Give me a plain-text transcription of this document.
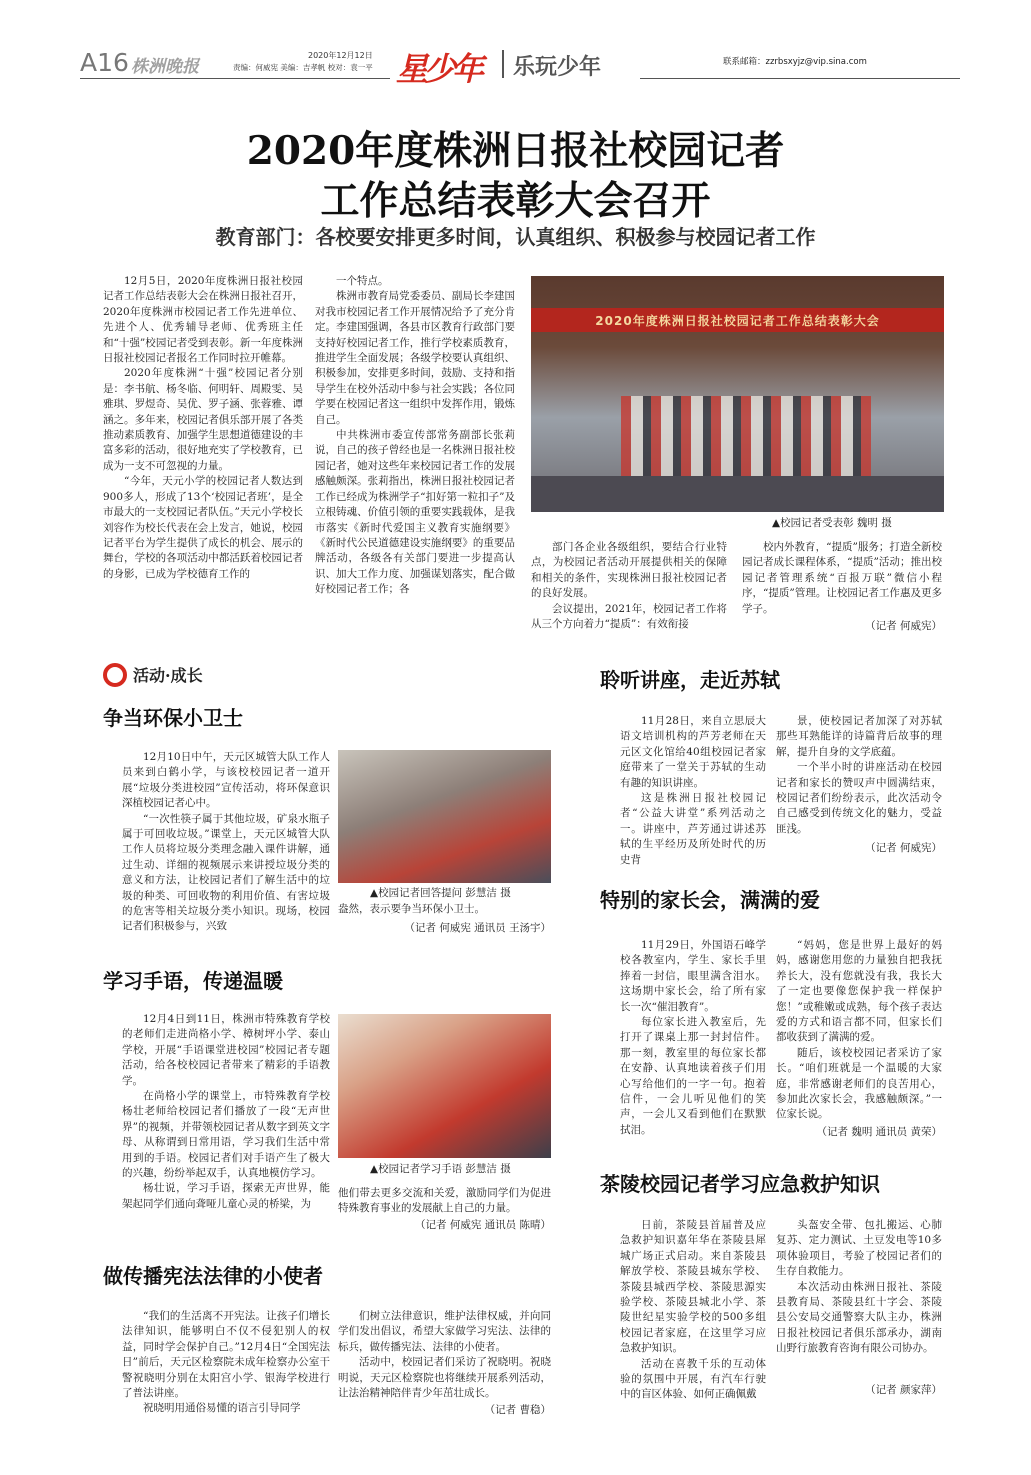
A16 株洲晚报
2020年12月12日
责编：何威宪 美编：吉孝帆 校对：袁一平 星少年 乐玩少年	联系邮箱：zzrbsxyjz@vip.sina.com
2020年度株洲日报社校园记者
工作总结表彰大会召开
教育部门：各校要安排更多时间，认真组织、积极参与校园记者工作

12月5日，2020年度株洲日报社校园记者工作总结表彰大会在株洲日报社召开，2020年度株洲市校园记者工作先进单位、先进个人、优秀辅导老师、优秀班主任和“十强”校园记者受到表彰。新一年度株洲日报社校园记者报名工作同时拉开帷幕。

2020年度株洲“十强”校园记者分别是：李书航、杨冬临、何明轩、周殿雯、吴雅琪、罗煜奇、吴优、罗子涵、张蓉雅、谭涵之。多年来，校园记者俱乐部开展了各类推动素质教育、加强学生思想道德建设的丰富多彩的活动，很好地充实了学校教育，已成为一支不可忽视的力量。

“今年，天元小学的校园记者人数达到900多人，形成了13个‘校园记者班’，是全市最大的一支校园记者队伍。”天元小学校长刘容作为校长代表在会上发言，她说，校园记者平台为学生提供了成长的机会、展示的舞台，学校的各项活动中都活跃着校园记者的身影，已成为学校德育工作的

一个特点。

株洲市教育局党委委员、副局长李建国对我市校园记者工作开展情况给予了充分肯定。李建国强调，各县市区教育行政部门要支持好校园记者工作，推行学校素质教育，推进学生全面发展；各级学校要认真组织、积极参加，安排更多时间，鼓励、支持和指导学生在校外活动中参与社会实践；各位同学要在校园记者这一组织中发挥作用，锻炼自己。

中共株洲市委宣传部常务副部长张莉说，自己的孩子曾经也是一名株洲日报社校园记者，她对这些年来校园记者工作的发展感触颇深。张莉指出，株洲日报社校园记者工作已经成为株洲学子“扣好第一粒扣子”及立根铸魂、价值引领的重要实践载体，是我市落实《新时代爱国主义教育实施纲要》《新时代公民道德建设实施纲要》的重要品牌活动，各级各有关部门要进一步提高认识、加大工作力度、加强谋划落实，配合做好校园记者工作；各

2020年度株洲日报社校园记者工作总结表彰大会
▲校园记者受表彰 魏明 摄

部门各企业各级组织，要结合行业特点，为校园记者活动开展提供相关的保障和相关的条件，实现株洲日报社校园记者的良好发展。

会议提出，2021年，校园记者工作将从三个方向着力“提质”：有效衔接

校内外教育，“提质”服务；打造全新校园记者成长课程体系，“提质”活动；推出校园记者管理系统“百报万联”微信小程序，“提质”管理。让校园记者工作惠及更多学子。

（记者 何威宪）
活动·成长
争当环保小卫士

12月10日中午，天元区城管大队工作人员来到白鹤小学，与该校校园记者一道开展“垃圾分类进校园”宣传活动，将环保意识深植校园记者心中。

“一次性筷子属于其他垃圾，矿泉水瓶子属于可回收垃圾。”课堂上，天元区城管大队工作人员将垃圾分类理念融入课件讲解，通过生动、详细的视频展示来讲授垃圾分类的意义和方法，让校园记者们了解生活中的垃圾的种类、可回收物的利用价值、有害垃圾的危害等相关垃圾分类小知识。现场，校园记者们积极参与，兴致

▲校园记者回答提问 彭慧洁 摄

盎然，表示要争当环保小卫士。

（记者 何威宪 通讯员 王汤宇）
学习手语，传递温暖

12月4日到11日，株洲市特殊教育学校的老师们走进尚格小学、樟树坪小学、泰山学校，开展“手语课堂进校园”校园记者专题活动，给各校校园记者带来了精彩的手语教学。

在尚格小学的课堂上，市特殊教育学校杨壮老师给校园记者们播放了一段“无声世界”的视频，并带领校园记者从数字到英文字母、从称谓到日常用语，学习我们生活中常用到的手语。校园记者们对手语产生了极大的兴趣，纷纷举起双手，认真地模仿学习。

杨壮说，学习手语，探索无声世界，能架起同学们通向聋哑儿童心灵的桥梁，为

▲校园记者学习手语 彭慧洁 摄

他们带去更多交流和关爱，激励同学们为促进特殊教育事业的发展献上自己的力量。

（记者 何威宪 通讯员 陈晴）
做传播宪法法律的小使者

“我们的生活离不开宪法。让孩子们增长法律知识，能够明白不仅不侵犯别人的权益，同时学会保护自己。”12月4日“全国宪法日”前后，天元区检察院未成年检察办公室干警祝晓明分别在太阳宫小学、银海学校进行了普法讲座。

祝晓明用通俗易懂的语言引导同学

们树立法律意识，维护法律权威，并向同学们发出倡议，希望大家做学习宪法、法律的标兵，做传播宪法、法律的小使者。

活动中，校园记者们采访了祝晓明。祝晓明说，天元区检察院也将继续开展系列活动，让法治精神陪伴青少年茁壮成长。

（记者 曹稳）
聆听讲座，走近苏轼

11月28日，来自立思辰大语文培训机构的芦芳老师在天元区文化馆给40组校园记者家庭带来了一堂关于苏轼的生动有趣的知识讲座。

这是株洲日报社校园记者“公益大讲堂”系列活动之一。讲座中，芦芳通过讲述苏轼的生平经历及所处时代的历史背

景，使校园记者加深了对苏轼那些耳熟能详的诗篇背后故事的理解，提升自身的文学底蕴。

一个半小时的讲座活动在校园记者和家长的赞叹声中圆满结束，校园记者们纷纷表示，此次活动令自己感受到传统文化的魅力，受益匪浅。

（记者 何威宪）
特别的家长会，满满的爱

11月29日，外国语石峰学校各教室内，学生、家长手里捧着一封信，眼里满含泪水。这场期中家长会，给了所有家长一次“催泪教育”。

每位家长进入教室后，先打开了课桌上那一封封信件。那一刻，教室里的每位家长都在安静、认真地读着孩子们用心写给他们的一字一句。抱着信件，一会儿听见他们的笑声，一会儿又看到他们在默默拭泪。

“妈妈，您是世界上最好的妈妈，感谢您用您的力量独自把我抚养长大，没有您就没有我，我长大了一定也要像您保护我一样保护您！”或稚嫩或成熟，每个孩子表达爱的方式和语言都不同，但家长们都收获到了满满的爱。

随后，该校校园记者采访了家长。“咱们班就是一个温暖的大家庭，非常感谢老师们的良苦用心，参加此次家长会，我感触颇深。”一位家长说。

（记者 魏明 通讯员 黄荣）
茶陵校园记者学习应急救护知识

日前，茶陵县首届普及应急救护知识嘉年华在茶陵县犀城广场正式启动。来自茶陵县解放学校、茶陵县城东学校、茶陵县城西学校、茶陵思源实验学校、茶陵县城北小学、茶陵世纪星实验学校的500多组校园记者家庭，在这里学习应急救护知识。

活动在喜教千乐的互动体验的氛围中开展，有汽车行驶中的盲区体验、如何正确佩戴

头盔安全带、包扎搬运、心肺复苏、定力测试、土豆发电等10多项体验项目，考验了校园记者们的生存自救能力。

本次活动由株洲日报社、茶陵县教育局、茶陵县红十字会、茶陵县公安局交通警察大队主办，株洲日报社校园记者俱乐部承办，湖南山野行旅教育咨询有限公司协办。

（记者 颜家萍）
